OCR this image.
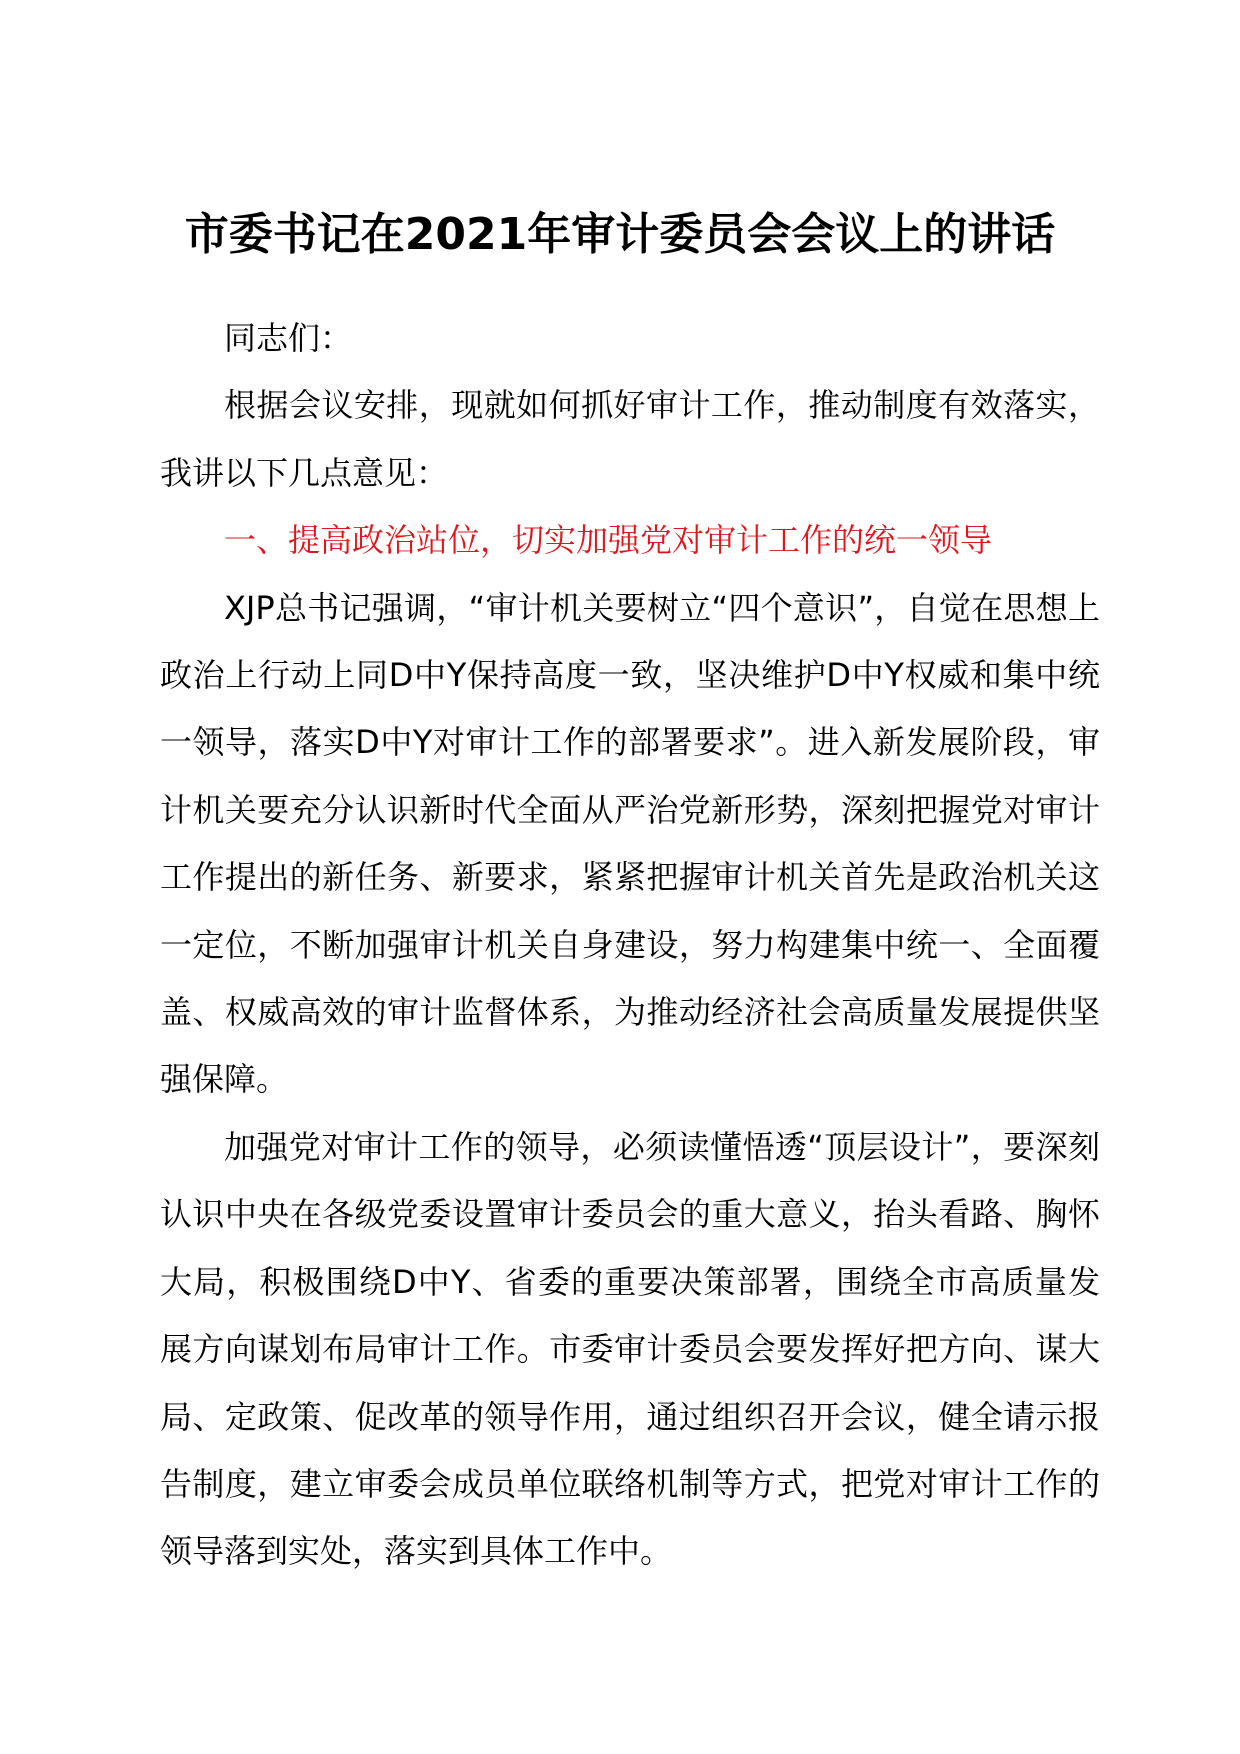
市委书记在2021年审计委员会会议上的讲话

同志们：

根据会议安排，现就如何抓好审计工作，推动制度有效落实，我讲以下几点意见：

一、提高政治站位，切实加强党对审计工作的统一领导

XJP总书记强调，“审计机关要树立“四个意识”，自觉在思想上政治上行动上同D中Y保持高度一致，坚决维护D中Y权威和集中统一领导，落实D中Y对审计工作的部署要求”。进入新发展阶段，审计机关要充分认识新时代全面从严治党新形势，深刻把握党对审计工作提出的新任务、新要求，紧紧把握审计机关首先是政治机关这一定位，不断加强审计机关自身建设，努力构建集中统一、全面覆盖、权威高效的审计监督体系，为推动经济社会高质量发展提供坚强保障。

加强党对审计工作的领导，必须读懂悟透“顶层设计”，要深刻认识中央在各级党委设置审计委员会的重大意义，抬头看路、胸怀大局，积极围绕D中Y、省委的重要决策部署，围绕全市高质量发展方向谋划布局审计工作。市委审计委员会要发挥好把方向、谋大局、定政策、促改革的领导作用，通过组织召开会议，健全请示报告制度，建立审委会成员单位联络机制等方式，把党对审计工作的领导落到实处，落实到具体工作中。
